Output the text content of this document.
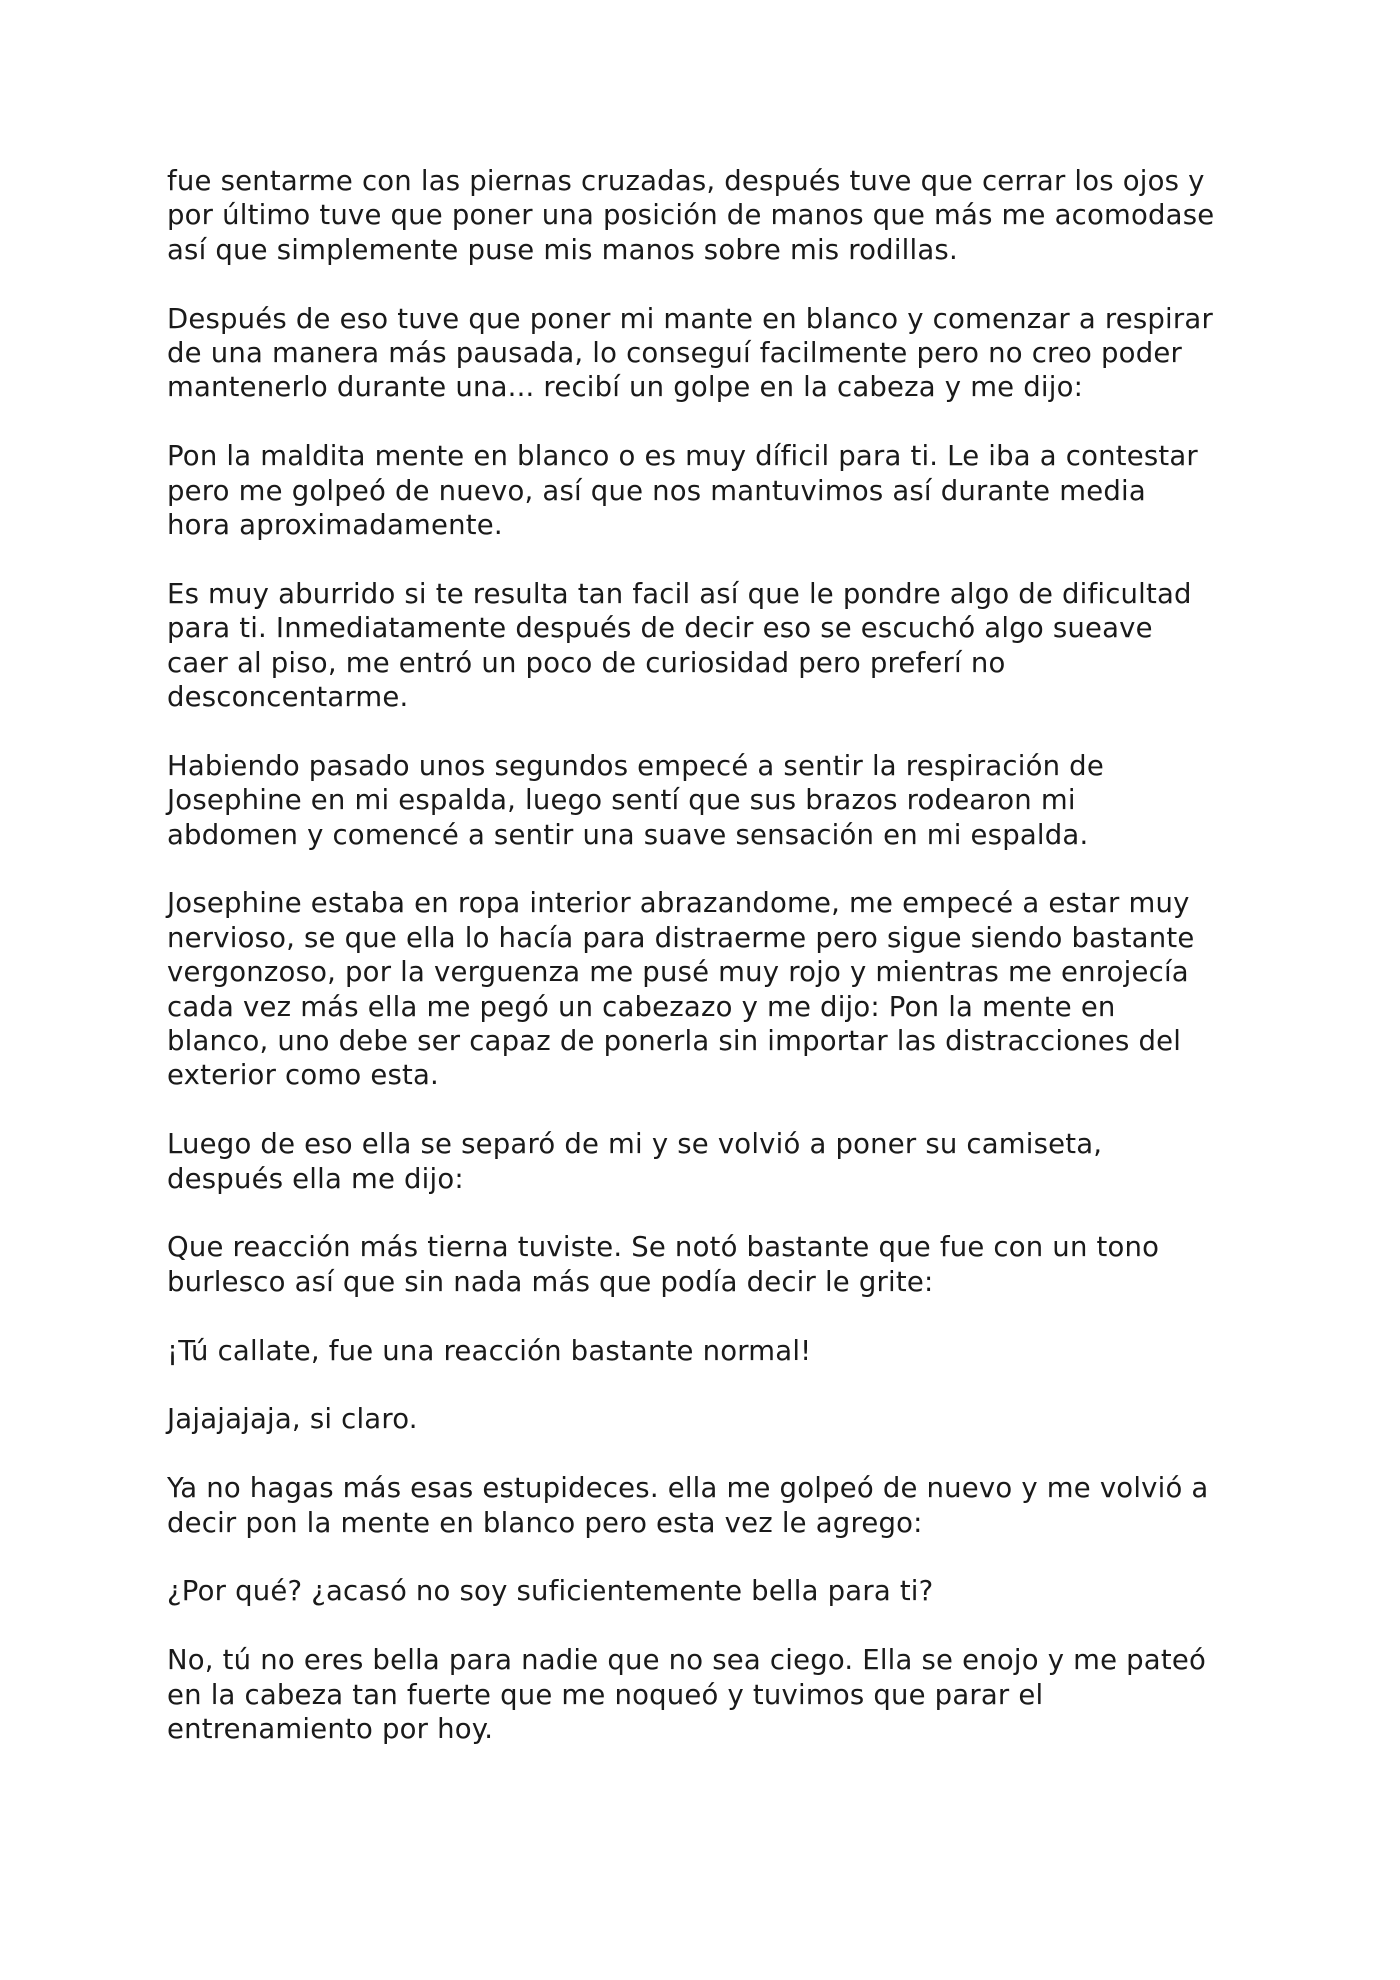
fue sentarme con las piernas cruzadas, después tuve que cerrar los ojos y
por último tuve que poner una posición de manos que más me acomodase
así que simplemente puse mis manos sobre mis rodillas.

Después de eso tuve que poner mi mante en blanco y comenzar a respirar
de una manera más pausada, lo conseguí facilmente pero no creo poder
mantenerlo durante una... recibí un golpe en la cabeza y me dijo:

Pon la maldita mente en blanco o es muy díficil para ti. Le iba a contestar
pero me golpeó de nuevo, así que nos mantuvimos así durante media
hora aproximadamente.

Es muy aburrido si te resulta tan facil así que le pondre algo de dificultad
para ti. Inmediatamente después de decir eso se escuchó algo sueave
caer al piso, me entró un poco de curiosidad pero preferí no
desconcentarme.

Habiendo pasado unos segundos empecé a sentir la respiración de
Josephine en mi espalda, luego sentí que sus brazos rodearon mi
abdomen y comencé a sentir una suave sensación en mi espalda.

Josephine estaba en ropa interior abrazandome, me empecé a estar muy
nervioso, se que ella lo hacía para distraerme pero sigue siendo bastante
vergonzoso, por la verguenza me pusé muy rojo y mientras me enrojecía
cada vez más ella me pegó un cabezazo y me dijo: Pon la mente en
blanco, uno debe ser capaz de ponerla sin importar las distracciones del
exterior como esta.

Luego de eso ella se separó de mi y se volvió a poner su camiseta,
después ella me dijo:

Que reacción más tierna tuviste. Se notó bastante que fue con un tono
burlesco así que sin nada más que podía decir le grite:

¡Tú callate, fue una reacción bastante normal!

Jajajajaja, si claro.

Ya no hagas más esas estupideces. ella me golpeó de nuevo y me volvió a
decir pon la mente en blanco pero esta vez le agrego:

¿Por qué? ¿acasó no soy suficientemente bella para ti?

No, tú no eres bella para nadie que no sea ciego. Ella se enojo y me pateó
en la cabeza tan fuerte que me noqueó y tuvimos que parar el
entrenamiento por hoy.
